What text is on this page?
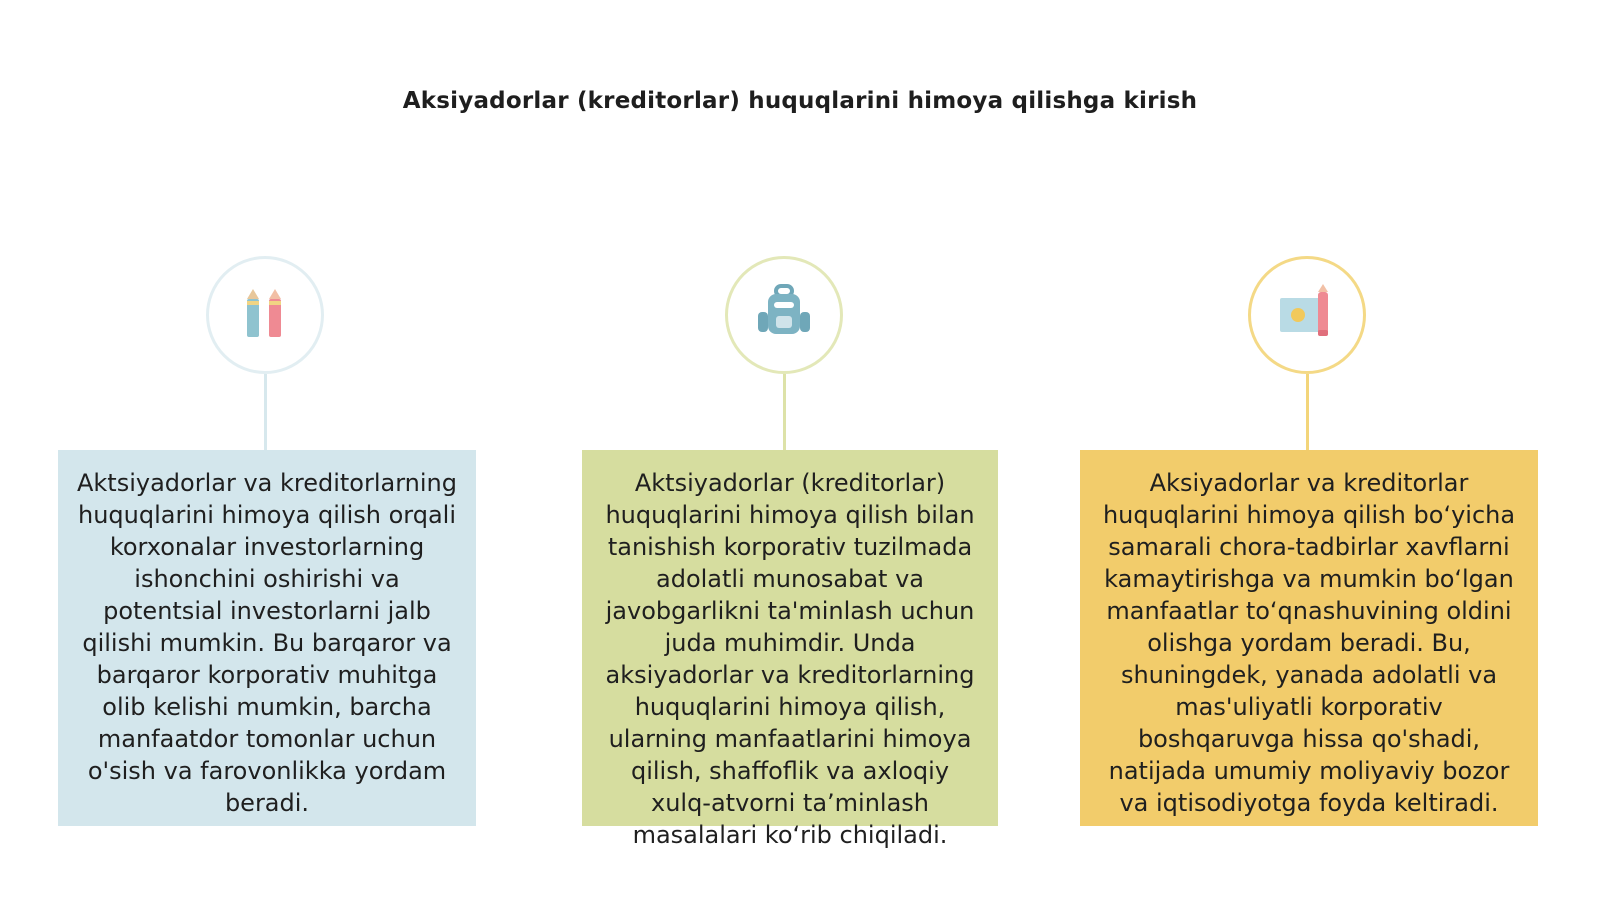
Aksiyadorlar (kreditorlar) huquqlarini himoya qilishga kirish
Aktsiyadorlar va kreditorlarning huquqlarini himoya qilish orqali korxonalar investorlarning ishonchini oshirishi va potentsial investorlarni jalb qilishi mumkin. Bu barqaror va barqaror korporativ muhitga olib kelishi mumkin, barcha manfaatdor tomonlar uchun o'sish va farovonlikka yordam beradi.
Aktsiyadorlar (kreditorlar) huquqlarini himoya qilish bilan tanishish korporativ tuzilmada adolatli munosabat va javobgarlikni ta'minlash uchun juda muhimdir. Unda aksiyadorlar va kreditorlarning huquqlarini himoya qilish, ularning manfaatlarini himoya qilish, shaffoflik va axloqiy xulq-atvorni ta’minlash masalalari ko‘rib chiqiladi.
Aksiyadorlar va kreditorlar huquqlarini himoya qilish bo‘yicha samarali chora-tadbirlar xavflarni kamaytirishga va mumkin bo‘lgan manfaatlar to‘qnashuvining oldini olishga yordam beradi. Bu, shuningdek, yanada adolatli va mas'uliyatli korporativ boshqaruvga hissa qo'shadi, natijada umumiy moliyaviy bozor va iqtisodiyotga foyda keltiradi.
